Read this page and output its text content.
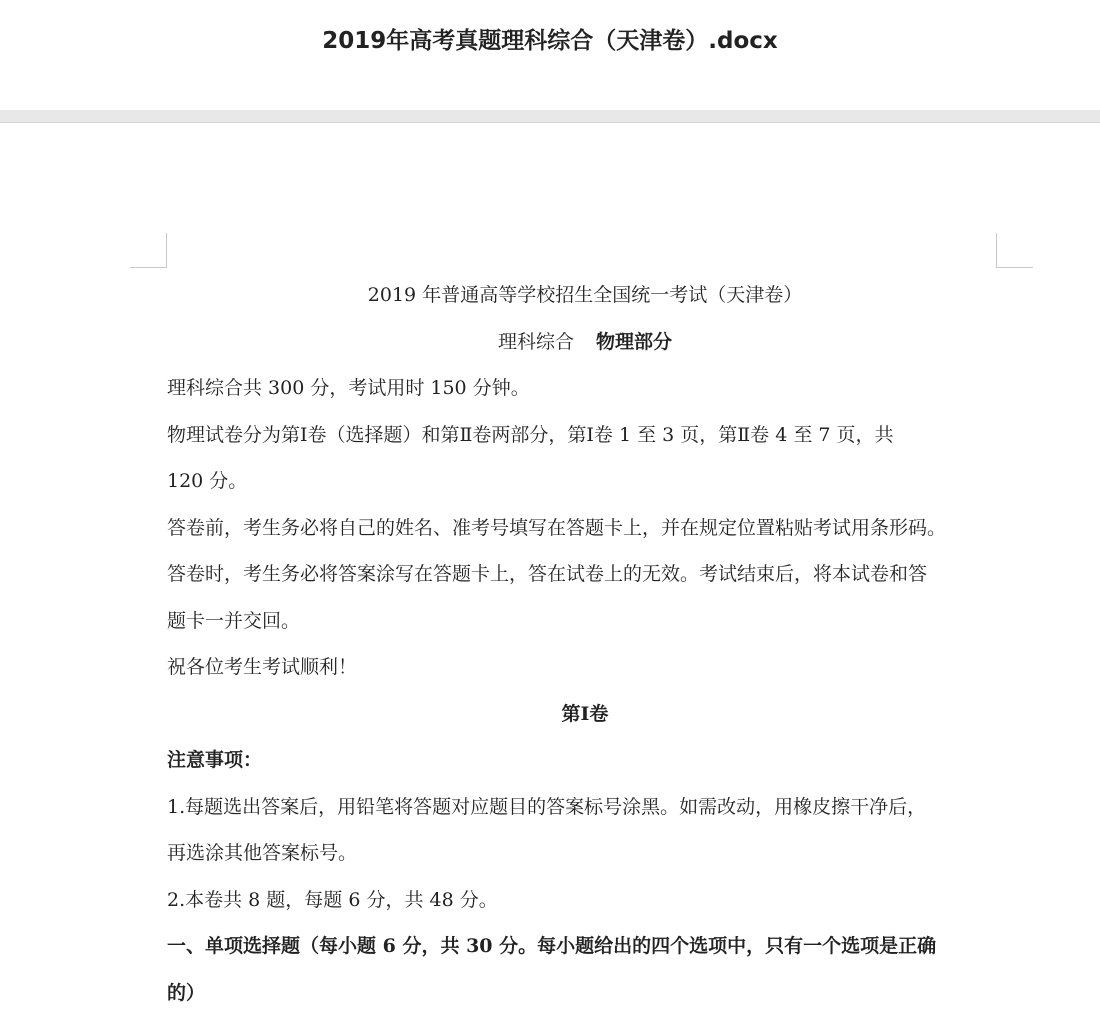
2019年高考真题理科综合（天津卷）.docx
2019 年普通高等学校招生全国统一考试（天津卷）
理科综合 物理部分
理科综合共 300 分，考试用时 150 分钟。
物理试卷分为第Ⅰ卷（选择题）和第Ⅱ卷两部分，第Ⅰ卷 1 至 3 页，第Ⅱ卷 4 至 7 页，共
120 分。
答卷前，考生务必将自己的姓名、准考号填写在答题卡上，并在规定位置粘贴考试用条形码。
答卷时，考生务必将答案涂写在答题卡上，答在试卷上的无效。考试结束后，将本试卷和答
题卡一并交回。
祝各位考生考试顺利！
第Ⅰ卷
注意事项：
1.每题选出答案后，用铅笔将答题对应题目的答案标号涂黑。如需改动，用橡皮擦干净后，
再选涂其他答案标号。
2.本卷共 8 题，每题 6 分，共 48 分。
一、单项选择题（每小题 6 分，共 30 分。每小题给出的四个选项中，只有一个选项是正确
的）
